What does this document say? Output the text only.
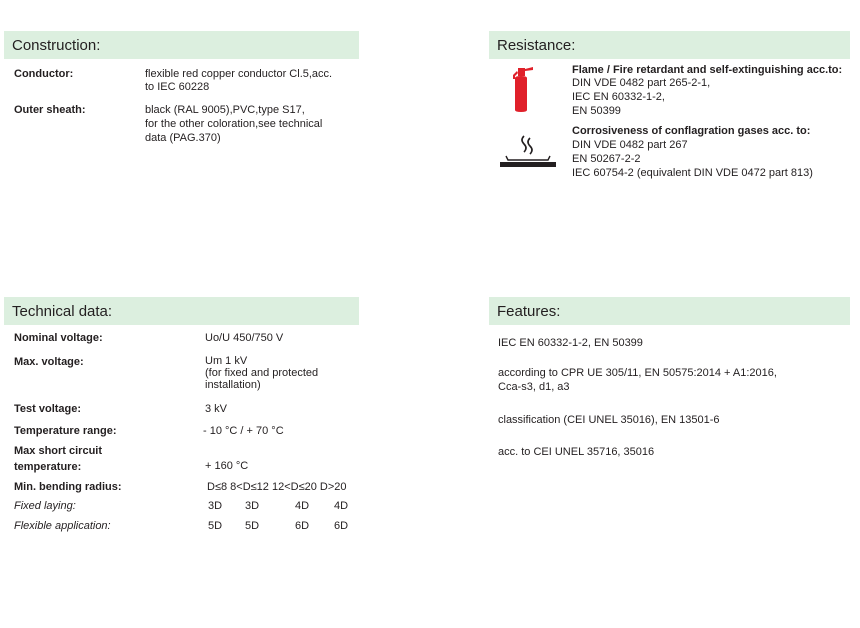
Construction:
Conductor:	flexible red copper conductor Cl.5,acc.
to IEC 60228
Outer sheath:	black (RAL 9005),PVC,type S17,
for the other coloration,see technical
data (PAG.370)
Resistance:
Flame / Fire retardant and self-extinguishing acc.to:
DIN VDE 0482 part 265-2-1,
IEC EN 60332-1-2,
EN 50399
Corrosiveness of conflagration gases acc. to:
DIN VDE 0482 part 267
EN 50267-2-2
IEC 60754-2 (equivalent DIN VDE 0472 part 813)
Technical data:
Nominal voltage:	Uo/U 450/750 V
Max. voltage:	Um 1 kV
(for fixed and protected
installation)
Test voltage:	3 kV
Temperature range:	- 10 °C / + 70 °C
Max short circuit
temperature:	+ 160 °C
Min. bending radius:	D≤8 8<D≤12 12<D≤20 D>20
Fixed laying:	3D 3D	4D 4D
Flexible application:	5D 5D	6D 6D
Features:
IEC EN 60332-1-2, EN 50399
according to CPR UE 305/11, EN 50575:2014 + A1:2016,
Cca-s3, d1, a3
classification (CEI UNEL 35016), EN 13501-6
acc. to CEI UNEL 35716, 35016
